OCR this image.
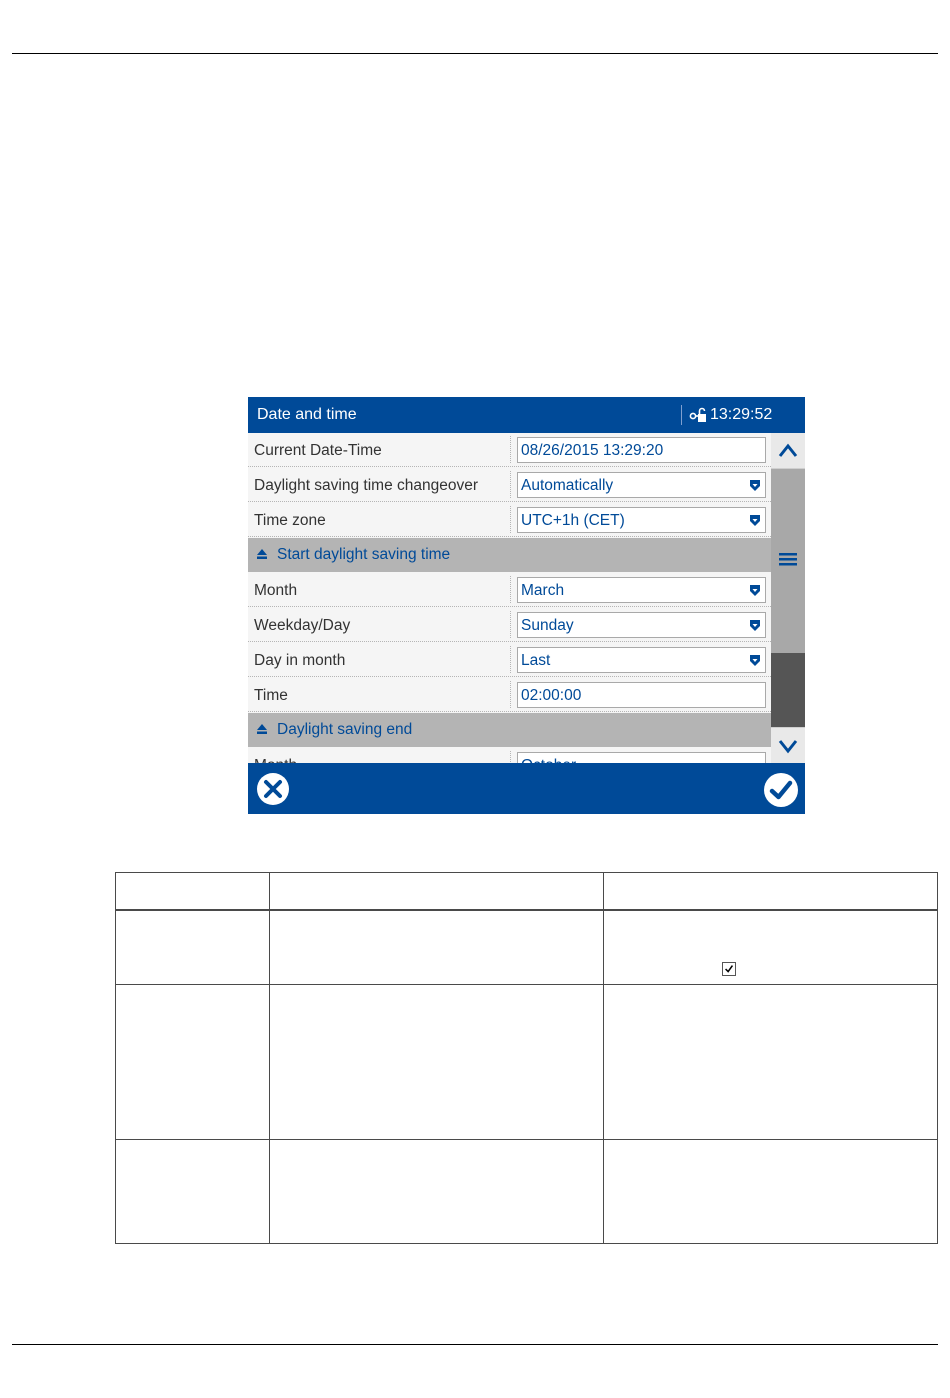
Date and time	13:29:52
Current Date-Time	08/26/2015 13:29:20
Daylight saving time changeover	Automatically
Time zone	UTC+1h (CET)
Start daylight saving time
Month	March
Weekday/Day	Sunday
Day in month	Last
Time	02:00:00
Daylight saving end
